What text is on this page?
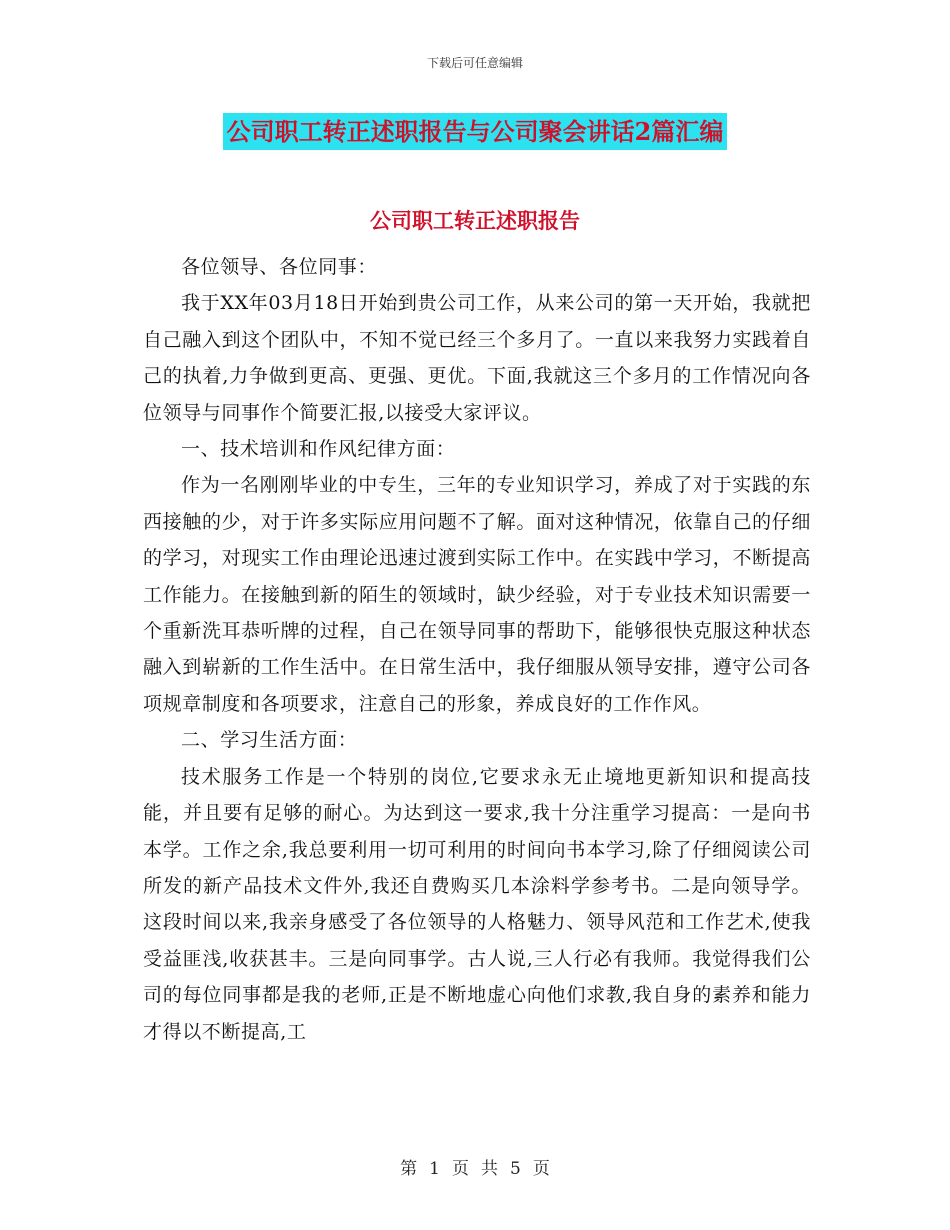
下载后可任意编辑
公司职工转正述职报告与公司聚会讲话2篇汇编
公司职工转正述职报告

各位领导、各位同事：

我于XX年03月18日开始到贵公司工作，从来公司的第一天开始，我就把自己融入到这个团队中，不知不觉已经三个多月了。一直以来我努力实践着自己的执着,力争做到更高、更强、更优。下面,我就这三个多月的工作情况向各位领导与同事作个简要汇报,以接受大家评议。

一、技术培训和作风纪律方面：

作为一名刚刚毕业的中专生，三年的专业知识学习，养成了对于实践的东西接触的少，对于许多实际应用问题不了解。面对这种情况，依靠自己的仔细的学习，对现实工作由理论迅速过渡到实际工作中。在实践中学习，不断提高工作能力。在接触到新的陌生的领域时，缺少经验，对于专业技术知识需要一个重新洗耳恭听牌的过程，自己在领导同事的帮助下，能够很快克服这种状态融入到崭新的工作生活中。在日常生活中，我仔细服从领导安排，遵守公司各项规章制度和各项要求，注意自己的形象，养成良好的工作作风。

二、学习生活方面：

技术服务工作是一个特别的岗位,它要求永无止境地更新知识和提高技能，并且要有足够的耐心。为达到这一要求,我十分注重学习提高：一是向书本学。工作之余,我总要利用一切可利用的时间向书本学习,除了仔细阅读公司所发的新产品技术文件外,我还自费购买几本涂料学参考书。二是向领导学。这段时间以来,我亲身感受了各位领导的人格魅力、领导风范和工作艺术,使我受益匪浅,收获甚丰。三是向同事学。古人说,三人行必有我师。我觉得我们公司的每位同事都是我的老师,正是不断地虚心向他们求教,我自身的素养和能力才得以不断提高,工

第 1 页 共 5 页
